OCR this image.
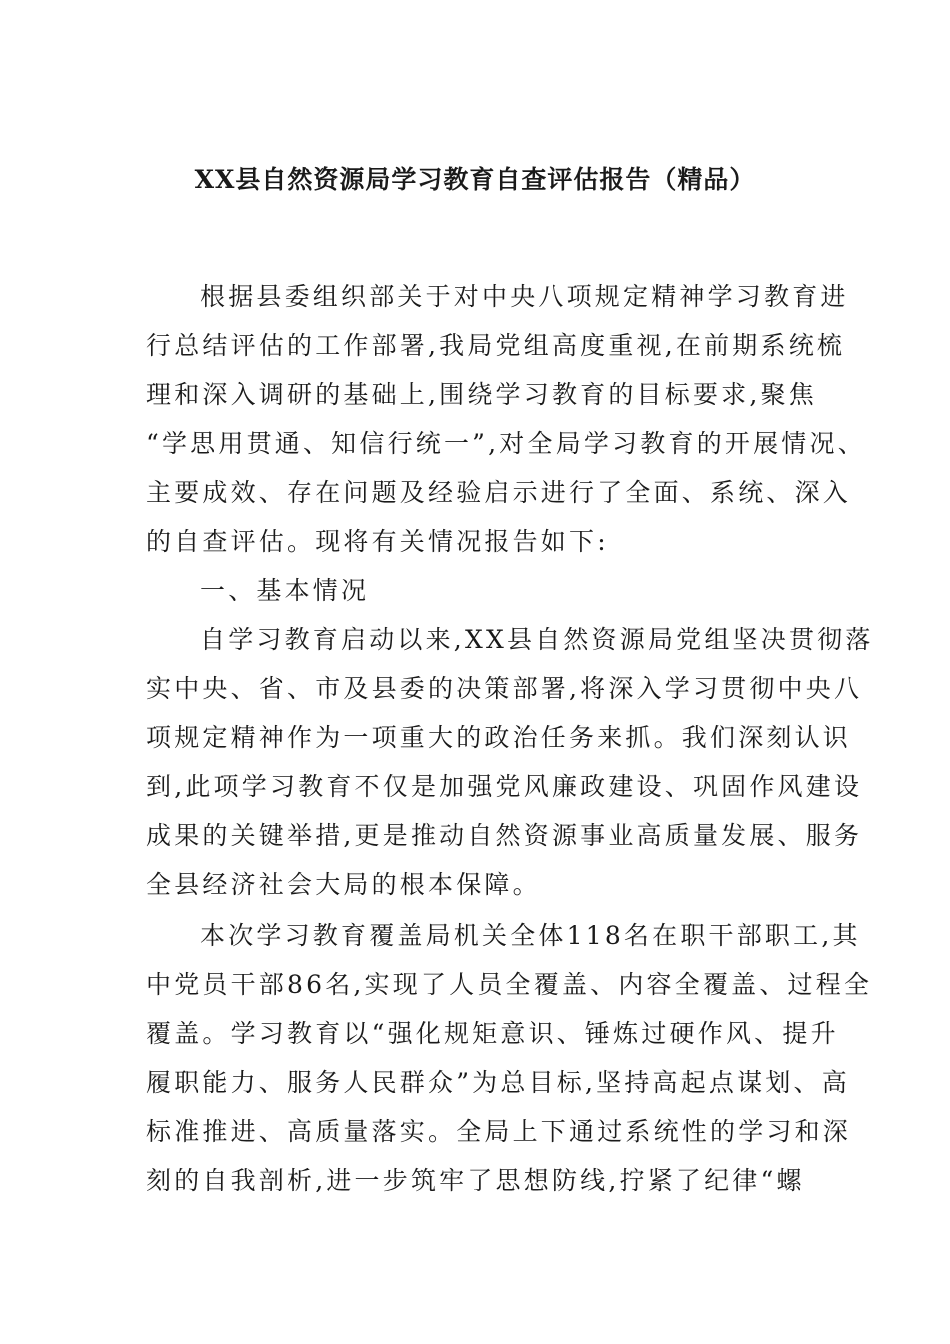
XX县自然资源局学习教育自查评估报告（精品）
根据县委组织部关于对中央八项规定精神学习教育进
行总结评估的工作部署,我局党组高度重视,在前期系统梳
理和深入调研的基础上,围绕学习教育的目标要求,聚焦
“学思用贯通、知信行统一”,对全局学习教育的开展情况、
主要成效、存在问题及经验启示进行了全面、系统、深入
的自查评估。现将有关情况报告如下:
一、基本情况
自学习教育启动以来,XX县自然资源局党组坚决贯彻落
实中央、省、市及县委的决策部署,将深入学习贯彻中央八
项规定精神作为一项重大的政治任务来抓。我们深刻认识
到,此项学习教育不仅是加强党风廉政建设、巩固作风建设
成果的关键举措,更是推动自然资源事业高质量发展、服务
全县经济社会大局的根本保障。
本次学习教育覆盖局机关全体118名在职干部职工,其
中党员干部86名,实现了人员全覆盖、内容全覆盖、过程全
覆盖。学习教育以“强化规矩意识、锤炼过硬作风、提升
履职能力、服务人民群众”为总目标,坚持高起点谋划、高
标准推进、高质量落实。全局上下通过系统性的学习和深
刻的自我剖析,进一步筑牢了思想防线,拧紧了纪律“螺
